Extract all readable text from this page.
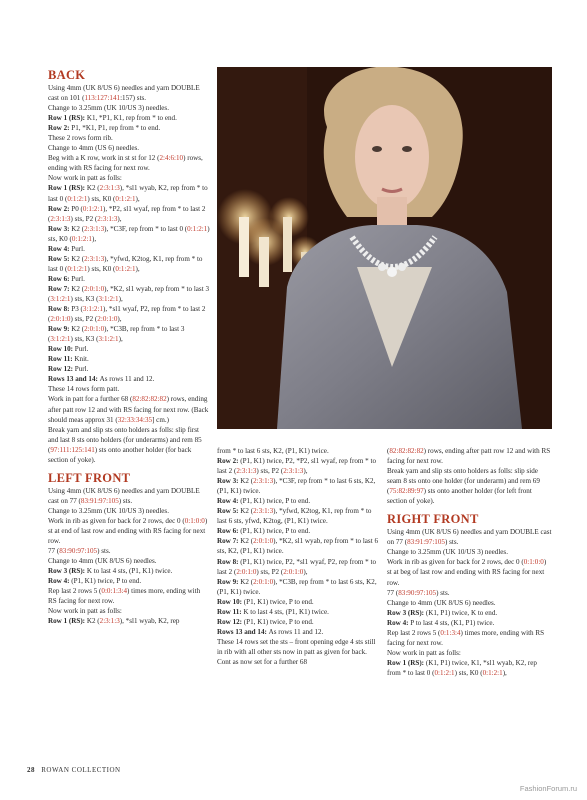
BACK

Using 4mm (UK 8/US 6) needles and yarn DOUBLE cast on 101 (113:127:141:157) sts.

Change to 3.25mm (UK 10/US 3) needles.

Row 1 (RS): K1, *P1, K1, rep from * to end.

Row 2: P1, *K1, P1, rep from * to end.

These 2 rows form rib.

Change to 4mm (US 6) needles.

Beg with a K row, work in st st for 12 (2:4:6:10) rows, ending with RS facing for next row.

Now work in patt as folls:

Row 1 (RS): K2 (2:3:1:3), *sl1 wyab, K2, rep from * to last 0 (0:1:2:1) sts, K0 (0:1:2:1),

Row 2: P0 (0:1:2:1), *P2, sl1 wyaf, rep from * to last 2 (2:3:1:3) sts, P2 (2:3:1:3),

Row 3: K2 (2:3:1:3), *C3F, rep from * to last 0 (0:1:2:1) sts, K0 (0:1:2:1),

Row 4: Purl.

Row 5: K2 (2:3:1:3), *yfwd, K2tog, K1, rep from * to last 0 (0:1:2:1) sts, K0 (0:1:2:1),

Row 6: Purl.

Row 7: K2 (2:0:1:0), *K2, sl1 wyab, rep from * to last 3 (3:1:2:1) sts, K3 (3:1:2:1),

Row 8: P3 (3:1:2:1), *sl1 wyaf, P2, rep from * to last 2 (2:0:1:0) sts, P2 (2:0:1:0),

Row 9: K2 (2:0:1:0), *C3B, rep from * to last 3 (3:1:2:1) sts, K3 (3:1:2:1),

Row 10: Purl.

Row 11: Knit.

Row 12: Purl.

Rows 13 and 14: As rows 11 and 12.

These 14 rows form patt.

Work in patt for a further 68 (82:82:82:82) rows, ending after patt row 12 and with RS facing for next row. (Back should meas approx 31 (32:33:34:35] cm.)

Break yarn and slip sts onto holders as folls: slip first and last 8 sts onto holders (for underarms) and rem 85 (97:111:125:141) sts onto another holder (for back section of yoke).

LEFT FRONT

Using 4mm (UK 8/US 6) needles and yarn DOUBLE cast on 77 (83:91:97:105) sts.

Change to 3.25mm (UK 10/US 3) needles.

Work in rib as given for back for 2 rows, dec 0 (0:1:0:0) st at end of last row and ending with RS facing for next row.

77 (83:90:97:105) sts.

Change to 4mm (UK 8/US 6) needles.

Row 3 (RS): K to last 4 sts, (P1, K1) twice.

Row 4: (P1, K1) twice, P to end.

Rep last 2 rows 5 (0:0:1:3:4) times more, ending with RS facing for next row.

Now work in patt as folls:

Row 1 (RS): K2 (2:3:1:3), *sl1 wyab, K2, rep

from * to last 6 sts, K2, (P1, K1) twice.

Row 2: (P1, K1) twice, P2, *P2, sl1 wyaf, rep from * to last 2 (2:3:1:3) sts, P2 (2:3:1:3),

Row 3: K2 (2:3:1:3), *C3F, rep from * to last 6 sts, K2, (P1, K1) twice.

Row 4: (P1, K1) twice, P to end.

Row 5: K2 (2:3:1:3), *yfwd, K2tog, K1, rep from * to last 6 sts, yfwd, K2tog, (P1, K1) twice.

Row 6: (P1, K1) twice, P to end.

Row 7: K2 (2:0:1:0), *K2, sl1 wyab, rep from * to last 6 sts, K2, (P1, K1) twice.

Row 8: (P1, K1) twice, P2, *sl1 wyaf, P2, rep from * to last 2 (2:0:1:0) sts, P2 (2:0:1:0),

Row 9: K2 (2:0:1:0), *C3B, rep from * to last 6 sts, K2, (P1, K1) twice.

Row 10: (P1, K1) twice, P to end.

Row 11: K to last 4 sts, (P1, K1) twice.

Row 12: (P1, K1) twice, P to end.

Rows 13 and 14: As rows 11 and 12.

These 14 rows set the sts – front opening edge 4 sts still in rib with all other sts now in patt as given for back.

Cont as now set for a further 68

(82:82:82:82) rows, ending after patt row 12 and with RS facing for next row.

Break yarn and slip sts onto holders as folls: slip side seam 8 sts onto one holder (for underarm) and rem 69 (75:82:89:97) sts onto another holder (for left front section of yoke).

RIGHT FRONT

Using 4mm (UK 8/US 6) needles and yarn DOUBLE cast on 77 (83:91:97:105) sts.

Change to 3.25mm (UK 10/US 3) needles.

Work in rib as given for back for 2 rows, dec 0 (0:1:0:0) st at beg of last row and ending with RS facing for next row.

77 (83:90:97:105) sts.

Change to 4mm (UK 8/US 6) needles.

Row 3 (RS): (K1, P1) twice, K to end.

Row 4: P to last 4 sts, (K1, P1) twice.

Rep last 2 rows 5 (0:1:3:4) times more, ending with RS facing for next row.

Now work in patt as folls:

Row 1 (RS): (K1, P1) twice, K1, *sl1 wyab, K2, rep from * to last 0 (0:1:2:1) sts, K0 (0:1:2:1),

28 ROWAN COLLECTION
FashionForum.ru
